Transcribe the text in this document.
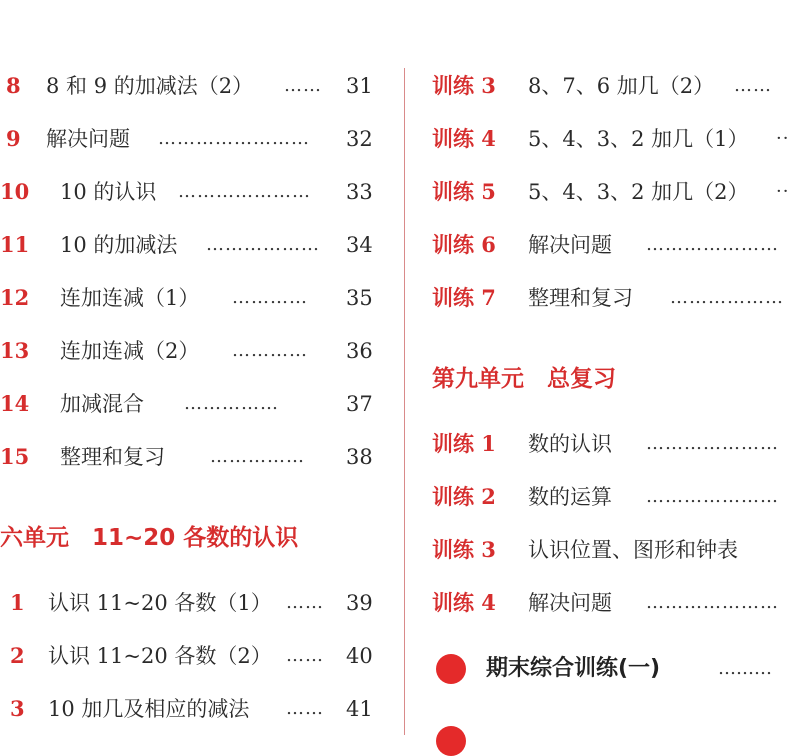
8 8 和 9 的加减法（2） …… 31
9 解决问题 …………………… 32
10 10 的认识 ………………… 33
11 10 的加减法 ……………… 34
12 连加连减（1） ………… 35
13 连加连减（2） ………… 36
14 加减混合 ……………	37
15 整理和复习	…………… 38
六单元　11~20 各数的认识
1 认识 11~20 各数（1） …… 39
2 认识 11~20 各数（2） …… 40
3 10 加几及相应的减法 …… 41
训练 3 8、7、6 加几（2） ……
训练 4 5、4、3、2 加几（1） ··
训练 5 5、4、3、2 加几（2） ··
训练 6 解决问题 …………………
训练 7 整理和复习 ………………
第九单元　总复习
训练 1 数的认识 …………………
训练 2 数的运算 …………………
训练 3 认识位置、图形和钟表
训练 4 解决问题 …………………
期末综合训练(一)	………
